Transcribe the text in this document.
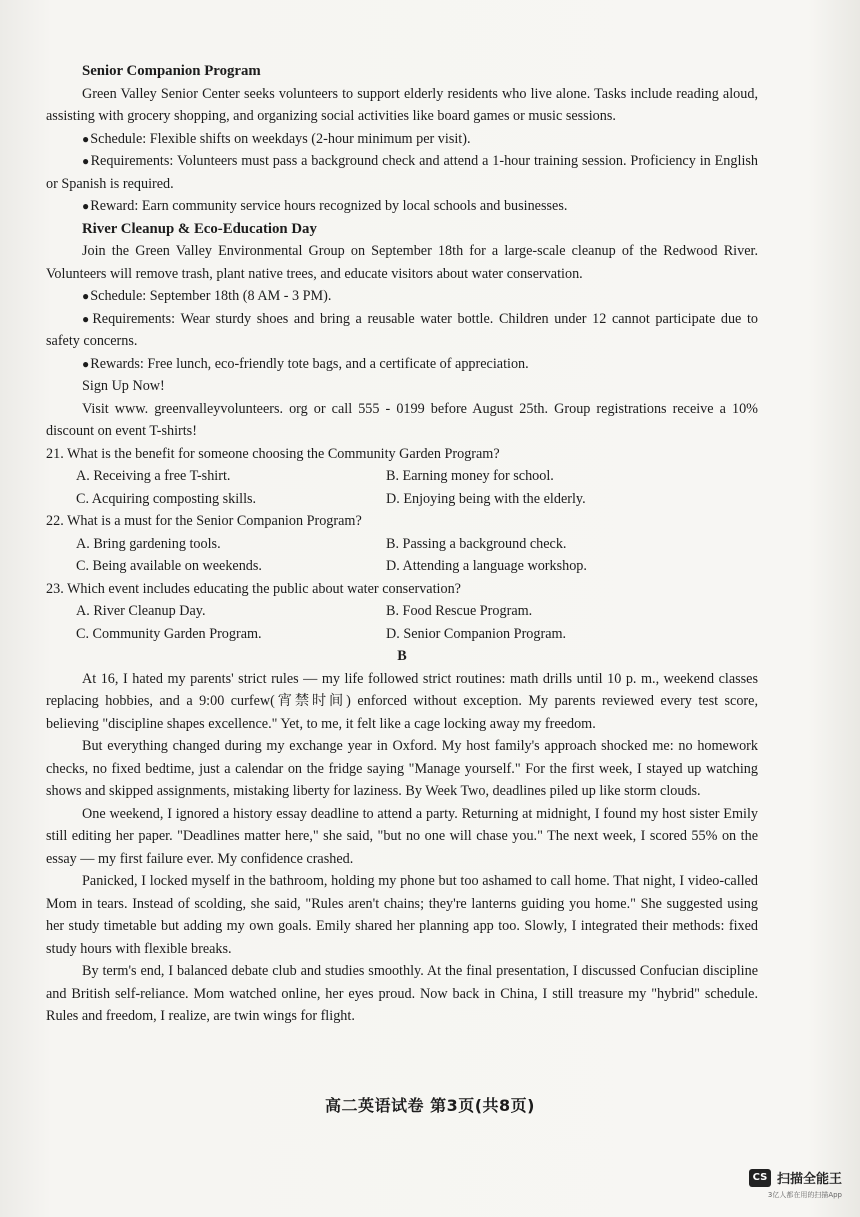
Senior Companion Program

Green Valley Senior Center seeks volunteers to support elderly residents who live alone. Tasks include reading aloud, assisting with grocery shopping, and organizing social activities like board games or music sessions.

●Schedule: Flexible shifts on weekdays (2-hour minimum per visit).

●Requirements: Volunteers must pass a background check and attend a 1-hour training session. Proficiency in English or Spanish is required.

●Reward: Earn community service hours recognized by local schools and businesses.

River Cleanup & Eco-Education Day

Join the Green Valley Environmental Group on September 18th for a large-scale cleanup of the Redwood River. Volunteers will remove trash, plant native trees, and educate visitors about water conservation.

●Schedule: September 18th (8 AM - 3 PM).

●Requirements: Wear sturdy shoes and bring a reusable water bottle. Children under 12 cannot participate due to safety concerns.

●Rewards: Free lunch, eco-friendly tote bags, and a certificate of appreciation.

Sign Up Now!

Visit www. greenvalleyvolunteers. org or call 555 - 0199 before August 25th. Group registrations receive a 10% discount on event T-shirts!

21. What is the benefit for someone choosing the Community Garden Program?

A. Receiving a free T-shirt.	B. Earning money for school.
C. Acquiring composting skills.	D. Enjoying being with the elderly.

22. What is a must for the Senior Companion Program?

A. Bring gardening tools.	B. Passing a background check.
C. Being available on weekends.	D. Attending a language workshop.

23. Which event includes educating the public about water conservation?

A. River Cleanup Day.	B. Food Rescue Program.
C. Community Garden Program.	D. Senior Companion Program.

B

At 16, I hated my parents' strict rules — my life followed strict routines: math drills until 10 p. m., weekend classes replacing hobbies, and a 9:00 curfew(宵禁时间) enforced without exception. My parents reviewed every test score, believing "discipline shapes excellence." Yet, to me, it felt like a cage locking away my freedom.

But everything changed during my exchange year in Oxford. My host family's approach shocked me: no homework checks, no fixed bedtime, just a calendar on the fridge saying "Manage yourself." For the first week, I stayed up watching shows and skipped assignments, mistaking liberty for laziness. By Week Two, deadlines piled up like storm clouds.

One weekend, I ignored a history essay deadline to attend a party. Returning at midnight, I found my host sister Emily still editing her paper. "Deadlines matter here," she said, "but no one will chase you." The next week, I scored 55% on the essay — my first failure ever. My confidence crashed.

Panicked, I locked myself in the bathroom, holding my phone but too ashamed to call home. That night, I video-called Mom in tears. Instead of scolding, she said, "Rules aren't chains; they're lanterns guiding you home." She suggested using her study timetable but adding my own goals. Emily shared her planning app too. Slowly, I integrated their methods: fixed study hours with flexible breaks.

By term's end, I balanced debate club and studies smoothly. At the final presentation, I discussed Confucian discipline and British self-reliance. Mom watched online, her eyes proud. Now back in China, I still treasure my "hybrid" schedule. Rules and freedom, I realize, are twin wings for flight.

高二英语试卷 第3页(共8页)
CS 扫描全能王
3亿人都在用的扫描App
